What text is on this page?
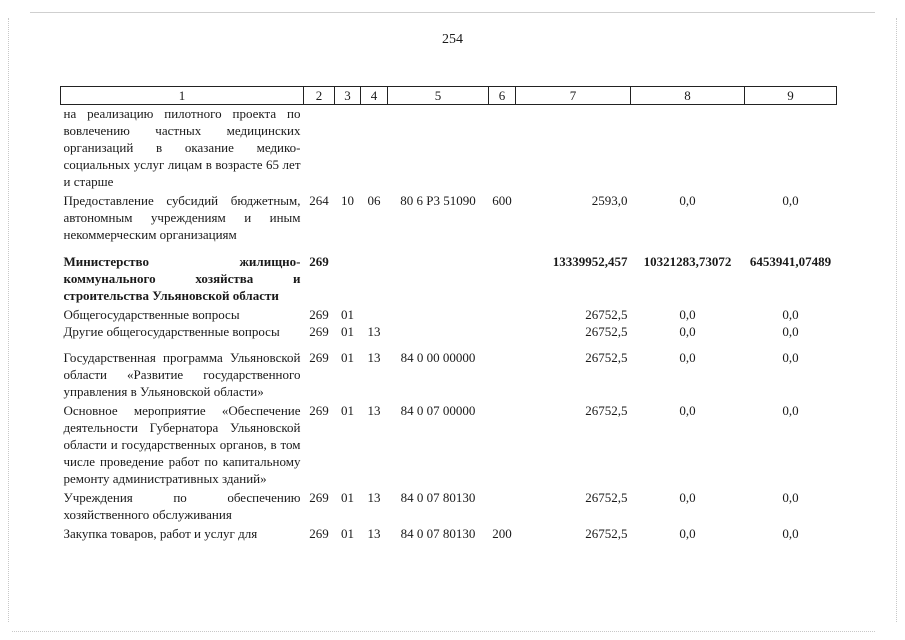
254
1	2	3	4	5	6	7	8	9
на реализацию пилотного проекта по вовлечению частных медицинских организаций в оказание медико-социальных услуг лицам в возрасте 65 лет и старше								
Предоставление субсидий бюджетным, автономным учреждениям и иным некоммерческим организациям	264	10	06	80 6 P3 51090	600	2593,0	0,0	0,0
Министерство жилищно-коммунального хозяйства и строительства Ульяновской области	269					13339952,457	10321283,73072	6453941,07489
Общегосударственные вопросы	269	01				26752,5	0,0	0,0
Другие общегосударственные вопросы	269	01	13			26752,5	0,0	0,0
Государственная программа Ульяновской области «Развитие государственного управления в Ульяновской области»	269	01	13	84 0 00 00000		26752,5	0,0	0,0
Основное мероприятие «Обеспечение деятельности Губернатора Ульяновской области и государственных органов, в том числе проведение работ по капитальному ремонту административных зданий»	269	01	13	84 0 07 00000		26752,5	0,0	0,0
Учреждения по обеспечению хозяйственного обслуживания	269	01	13	84 0 07 80130		26752,5	0,0	0,0
Закупка товаров, работ и услуг для	269	01	13	84 0 07 80130	200	26752,5	0,0	0,0
